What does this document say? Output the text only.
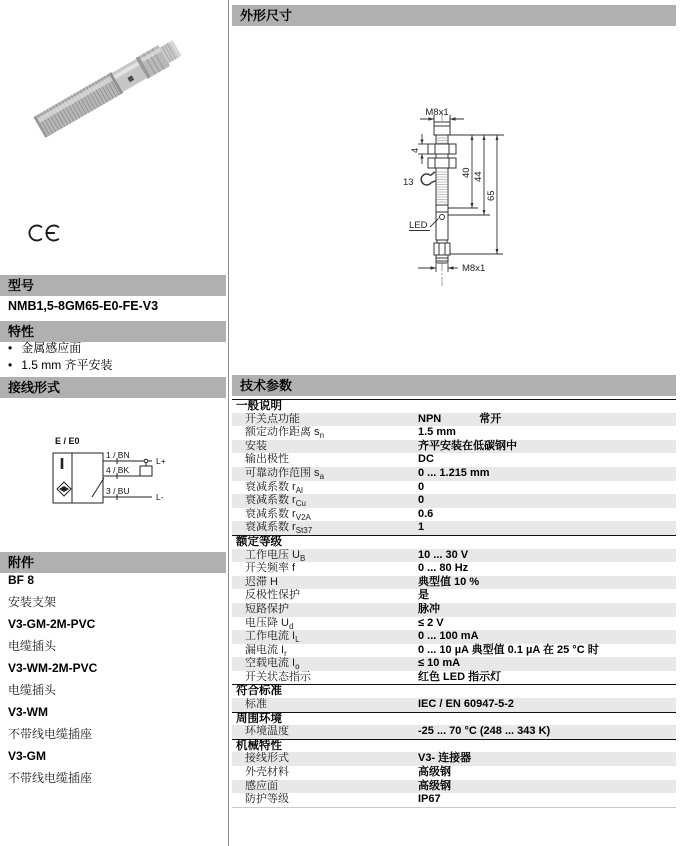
型号
NMB1,5-8GM65-E0-FE-V3
特性
• 金属感应面
• 1.5 mm 齐平安装
接线形式
E / E0
1 / BN
4 / BK
3 / BU
L+
L-
附件
BF 8
安装支架
V3-GM-2M-PVC
电缆插头
V3-WM-2M-PVC
电缆插头
V3-WM
不带线电缆插座
V3-GM
不带线电缆插座
外形尺寸
M8x1
LED
4
13
40 44
65
M8x1
技术参数
一般说明
开关点功能	NPN	常开
额定动作距离 $s_n$	1.5 mm
安装	齐平安装在低碳钢中
输出极性	DC
可靠动作范围 $s_a$	0 ... 1.215 mm
衰减系数 $r_{Al}$	0
衰减系数 $r_{Cu}$	0
衰减系数 $r_{V2A}$	0.6
衰减系数 $r_{St37}$	1
额定等级
工作电压 $U_B$	10 ... 30 V
开关频率 f	0 ... 80 Hz
迟滞 H	典型值 10 %
反极性保护	是
短路保护	脉冲
电压降 $U_d$	≤ 2 V
工作电流 $I_L$	0 ... 100 mA
漏电流 $I_r$	0 ... 10 µA 典型值 0.1 µA 在 25 °C 时
空载电流 $I_o$	≤ 10 mA
开关状态指示	红色 LED 指示灯
符合标准
标准	IEC / EN 60947-5-2
周围环境
环境温度	-25 ... 70 °C (248 ... 343 K)
机械特性
接线形式	V3- 连接器
外壳材料	高级钢
感应面	高级钢
防护等级	IP67
